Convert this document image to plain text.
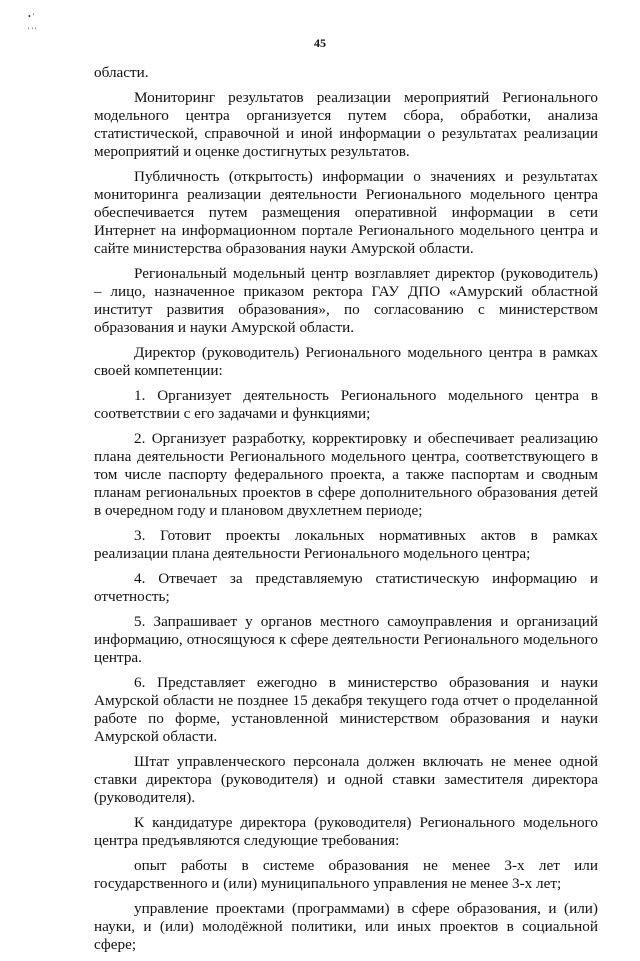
• '
' ' '
45

области.

Мониторинг результатов реализации мероприятий Регионального модельного центра организуется путем сбора, обработки, анализа статистической, справочной и иной информации о результатах реализации мероприятий и оценке достигнутых результатов.

Публичность (открытость) информации о значениях и результатах мониторинга реализации деятельности Регионального модельного центра обеспечивается путем размещения оперативной информации в сети Интернет на информационном портале Регионального модельного центра и сайте министерства образования науки Амурской области.

Региональный модельный центр возглавляет директор (руководитель) – лицо, назначенное приказом ректора ГАУ ДПО «Амурский областной институт развития образования», по согласованию с министерством образования и науки Амурской области.

Директор (руководитель) Регионального модельного центра в рамках своей компетенции:

1. Организует деятельность Регионального модельного центра в соответствии с его задачами и функциями;

2. Организует разработку, корректировку и обеспечивает реализацию плана деятельности Регионального модельного центра, соответствующего в том числе паспорту федерального проекта, а также паспортам и сводным планам региональных проектов в сфере дополнительного образования детей в очередном году и плановом двухлетнем периоде;

3. Готовит проекты локальных нормативных актов в рамках реализации плана деятельности Регионального модельного центра;

4. Отвечает за представляемую статистическую информацию и отчетность;

5. Запрашивает у органов местного самоуправления и организаций информацию, относящуюся к сфере деятельности Регионального модельного центра.

6. Представляет ежегодно в министерство образования и науки Амурской области не позднее 15 декабря текущего года отчет о проделанной работе по форме, установленной министерством образования и науки Амурской области.

Штат управленческого персонала должен включать не менее одной ставки директора (руководителя) и одной ставки заместителя директора (руководителя).

К кандидатуре директора (руководителя) Регионального модельного центра предъявляются следующие требования:

опыт работы в системе образования не менее 3-х лет или государственного и (или) муниципального управления не менее 3-х лет;

управление проектами (программами) в сфере образования, и (или) науки, и (или) молодёжной политики, или иных проектов в социальной сфере;
